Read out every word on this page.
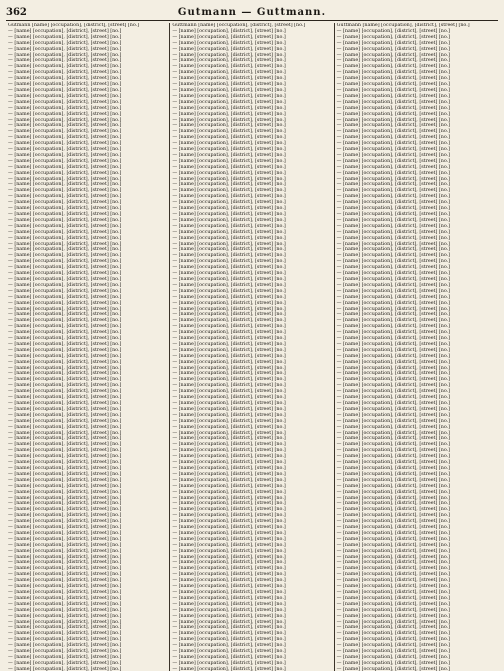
362	Gutmann — Guttmann.
Gutmann [name] [occupation], [district], [street] [no.]
— [name] [occupation], [district], [street] [no.]
— [name] [occupation], [district], [street] [no.]
— [name] [occupation], [district], [street] [no.]
— [name] [occupation], [district], [street] [no.]
— [name] [occupation], [district], [street] [no.]
— [name] [occupation], [district], [street] [no.]
— [name] [occupation], [district], [street] [no.]
— [name] [occupation], [district], [street] [no.]
— [name] [occupation], [district], [street] [no.]
— [name] [occupation], [district], [street] [no.]
— [name] [occupation], [district], [street] [no.]
— [name] [occupation], [district], [street] [no.]
— [name] [occupation], [district], [street] [no.]
— [name] [occupation], [district], [street] [no.]
— [name] [occupation], [district], [street] [no.]
— [name] [occupation], [district], [street] [no.]
— [name] [occupation], [district], [street] [no.]
— [name] [occupation], [district], [street] [no.]
— [name] [occupation], [district], [street] [no.]
— [name] [occupation], [district], [street] [no.]
— [name] [occupation], [district], [street] [no.]
— [name] [occupation], [district], [street] [no.]
— [name] [occupation], [district], [street] [no.]
— [name] [occupation], [district], [street] [no.]
— [name] [occupation], [district], [street] [no.]
— [name] [occupation], [district], [street] [no.]
— [name] [occupation], [district], [street] [no.]
— [name] [occupation], [district], [street] [no.]
— [name] [occupation], [district], [street] [no.]
— [name] [occupation], [district], [street] [no.]
— [name] [occupation], [district], [street] [no.]
— [name] [occupation], [district], [street] [no.]
— [name] [occupation], [district], [street] [no.]
— [name] [occupation], [district], [street] [no.]
— [name] [occupation], [district], [street] [no.]
— [name] [occupation], [district], [street] [no.]
— [name] [occupation], [district], [street] [no.]
— [name] [occupation], [district], [street] [no.]
— [name] [occupation], [district], [street] [no.]
— [name] [occupation], [district], [street] [no.]
— [name] [occupation], [district], [street] [no.]
— [name] [occupation], [district], [street] [no.]
— [name] [occupation], [district], [street] [no.]
— [name] [occupation], [district], [street] [no.]
— [name] [occupation], [district], [street] [no.]
— [name] [occupation], [district], [street] [no.]
— [name] [occupation], [district], [street] [no.]
— [name] [occupation], [district], [street] [no.]
— [name] [occupation], [district], [street] [no.]
— [name] [occupation], [district], [street] [no.]
— [name] [occupation], [district], [street] [no.]
— [name] [occupation], [district], [street] [no.]
— [name] [occupation], [district], [street] [no.]
— [name] [occupation], [district], [street] [no.]
— [name] [occupation], [district], [street] [no.]
— [name] [occupation], [district], [street] [no.]
— [name] [occupation], [district], [street] [no.]
— [name] [occupation], [district], [street] [no.]
— [name] [occupation], [district], [street] [no.]
— [name] [occupation], [district], [street] [no.]
— [name] [occupation], [district], [street] [no.]
— [name] [occupation], [district], [street] [no.]
— [name] [occupation], [district], [street] [no.]
— [name] [occupation], [district], [street] [no.]
— [name] [occupation], [district], [street] [no.]
— [name] [occupation], [district], [street] [no.]
— [name] [occupation], [district], [street] [no.]
— [name] [occupation], [district], [street] [no.]
— [name] [occupation], [district], [street] [no.]
— [name] [occupation], [district], [street] [no.]
— [name] [occupation], [district], [street] [no.]
— [name] [occupation], [district], [street] [no.]
— [name] [occupation], [district], [street] [no.]
— [name] [occupation], [district], [street] [no.]
— [name] [occupation], [district], [street] [no.]
— [name] [occupation], [district], [street] [no.]
— [name] [occupation], [district], [street] [no.]
— [name] [occupation], [district], [street] [no.]
— [name] [occupation], [district], [street] [no.]
— [name] [occupation], [district], [street] [no.]
— [name] [occupation], [district], [street] [no.]
— [name] [occupation], [district], [street] [no.]
— [name] [occupation], [district], [street] [no.]
— [name] [occupation], [district], [street] [no.]
— [name] [occupation], [district], [street] [no.]
— [name] [occupation], [district], [street] [no.]
— [name] [occupation], [district], [street] [no.]
— [name] [occupation], [district], [street] [no.]
— [name] [occupation], [district], [street] [no.]
— [name] [occupation], [district], [street] [no.]
— [name] [occupation], [district], [street] [no.]
— [name] [occupation], [district], [street] [no.]
— [name] [occupation], [district], [street] [no.]
— [name] [occupation], [district], [street] [no.]
— [name] [occupation], [district], [street] [no.]
— [name] [occupation], [district], [street] [no.]
— [name] [occupation], [district], [street] [no.]
— [name] [occupation], [district], [street] [no.]
— [name] [occupation], [district], [street] [no.]
— [name] [occupation], [district], [street] [no.]
— [name] [occupation], [district], [street] [no.]
— [name] [occupation], [district], [street] [no.]
— [name] [occupation], [district], [street] [no.]
— [name] [occupation], [district], [street] [no.]
— [name] [occupation], [district], [street] [no.]
— [name] [occupation], [district], [street] [no.]
— [name] [occupation], [district], [street] [no.]
— [name] [occupation], [district], [street] [no.]
— [name] [occupation], [district], [street] [no.]
Guttmann [name] [occupation], [district], [street] [no.]
— [name] [occupation], [district], [street] [no.]
— [name] [occupation], [district], [street] [no.]
— [name] [occupation], [district], [street] [no.]
— [name] [occupation], [district], [street] [no.]
— [name] [occupation], [district], [street] [no.]
— [name] [occupation], [district], [street] [no.]
— [name] [occupation], [district], [street] [no.]
— [name] [occupation], [district], [street] [no.]
— [name] [occupation], [district], [street] [no.]
— [name] [occupation], [district], [street] [no.]
— [name] [occupation], [district], [street] [no.]
— [name] [occupation], [district], [street] [no.]
— [name] [occupation], [district], [street] [no.]
— [name] [occupation], [district], [street] [no.]
— [name] [occupation], [district], [street] [no.]
— [name] [occupation], [district], [street] [no.]
— [name] [occupation], [district], [street] [no.]
— [name] [occupation], [district], [street] [no.]
— [name] [occupation], [district], [street] [no.]
— [name] [occupation], [district], [street] [no.]
— [name] [occupation], [district], [street] [no.]
— [name] [occupation], [district], [street] [no.]
— [name] [occupation], [district], [street] [no.]
— [name] [occupation], [district], [street] [no.]
— [name] [occupation], [district], [street] [no.]
— [name] [occupation], [district], [street] [no.]
— [name] [occupation], [district], [street] [no.]
— [name] [occupation], [district], [street] [no.]
— [name] [occupation], [district], [street] [no.]
— [name] [occupation], [district], [street] [no.]
— [name] [occupation], [district], [street] [no.]
— [name] [occupation], [district], [street] [no.]
— [name] [occupation], [district], [street] [no.]
— [name] [occupation], [district], [street] [no.]
— [name] [occupation], [district], [street] [no.]
— [name] [occupation], [district], [street] [no.]
— [name] [occupation], [district], [street] [no.]
— [name] [occupation], [district], [street] [no.]
— [name] [occupation], [district], [street] [no.]
— [name] [occupation], [district], [street] [no.]
— [name] [occupation], [district], [street] [no.]
— [name] [occupation], [district], [street] [no.]
— [name] [occupation], [district], [street] [no.]
— [name] [occupation], [district], [street] [no.]
— [name] [occupation], [district], [street] [no.]
— [name] [occupation], [district], [street] [no.]
— [name] [occupation], [district], [street] [no.]
— [name] [occupation], [district], [street] [no.]
— [name] [occupation], [district], [street] [no.]
— [name] [occupation], [district], [street] [no.]
— [name] [occupation], [district], [street] [no.]
— [name] [occupation], [district], [street] [no.]
— [name] [occupation], [district], [street] [no.]
— [name] [occupation], [district], [street] [no.]
— [name] [occupation], [district], [street] [no.]
— [name] [occupation], [district], [street] [no.]
— [name] [occupation], [district], [street] [no.]
— [name] [occupation], [district], [street] [no.]
— [name] [occupation], [district], [street] [no.]
— [name] [occupation], [district], [street] [no.]
— [name] [occupation], [district], [street] [no.]
— [name] [occupation], [district], [street] [no.]
— [name] [occupation], [district], [street] [no.]
— [name] [occupation], [district], [street] [no.]
— [name] [occupation], [district], [street] [no.]
— [name] [occupation], [district], [street] [no.]
— [name] [occupation], [district], [street] [no.]
— [name] [occupation], [district], [street] [no.]
— [name] [occupation], [district], [street] [no.]
— [name] [occupation], [district], [street] [no.]
— [name] [occupation], [district], [street] [no.]
— [name] [occupation], [district], [street] [no.]
— [name] [occupation], [district], [street] [no.]
— [name] [occupation], [district], [street] [no.]
— [name] [occupation], [district], [street] [no.]
— [name] [occupation], [district], [street] [no.]
— [name] [occupation], [district], [street] [no.]
— [name] [occupation], [district], [street] [no.]
— [name] [occupation], [district], [street] [no.]
— [name] [occupation], [district], [street] [no.]
— [name] [occupation], [district], [street] [no.]
— [name] [occupation], [district], [street] [no.]
— [name] [occupation], [district], [street] [no.]
— [name] [occupation], [district], [street] [no.]
— [name] [occupation], [district], [street] [no.]
— [name] [occupation], [district], [street] [no.]
— [name] [occupation], [district], [street] [no.]
— [name] [occupation], [district], [street] [no.]
— [name] [occupation], [district], [street] [no.]
— [name] [occupation], [district], [street] [no.]
— [name] [occupation], [district], [street] [no.]
— [name] [occupation], [district], [street] [no.]
— [name] [occupation], [district], [street] [no.]
— [name] [occupation], [district], [street] [no.]
— [name] [occupation], [district], [street] [no.]
— [name] [occupation], [district], [street] [no.]
— [name] [occupation], [district], [street] [no.]
— [name] [occupation], [district], [street] [no.]
— [name] [occupation], [district], [street] [no.]
— [name] [occupation], [district], [street] [no.]
— [name] [occupation], [district], [street] [no.]
— [name] [occupation], [district], [street] [no.]
— [name] [occupation], [district], [street] [no.]
— [name] [occupation], [district], [street] [no.]
— [name] [occupation], [district], [street] [no.]
— [name] [occupation], [district], [street] [no.]
— [name] [occupation], [district], [street] [no.]
— [name] [occupation], [district], [street] [no.]
— [name] [occupation], [district], [street] [no.]
Guttmann [name] [occupation], [district], [street] [no.]
— [name] [occupation], [district], [street] [no.]
— [name] [occupation], [district], [street] [no.]
— [name] [occupation], [district], [street] [no.]
— [name] [occupation], [district], [street] [no.]
— [name] [occupation], [district], [street] [no.]
— [name] [occupation], [district], [street] [no.]
— [name] [occupation], [district], [street] [no.]
— [name] [occupation], [district], [street] [no.]
— [name] [occupation], [district], [street] [no.]
— [name] [occupation], [district], [street] [no.]
— [name] [occupation], [district], [street] [no.]
— [name] [occupation], [district], [street] [no.]
— [name] [occupation], [district], [street] [no.]
— [name] [occupation], [district], [street] [no.]
— [name] [occupation], [district], [street] [no.]
— [name] [occupation], [district], [street] [no.]
— [name] [occupation], [district], [street] [no.]
— [name] [occupation], [district], [street] [no.]
— [name] [occupation], [district], [street] [no.]
— [name] [occupation], [district], [street] [no.]
— [name] [occupation], [district], [street] [no.]
— [name] [occupation], [district], [street] [no.]
— [name] [occupation], [district], [street] [no.]
— [name] [occupation], [district], [street] [no.]
— [name] [occupation], [district], [street] [no.]
— [name] [occupation], [district], [street] [no.]
— [name] [occupation], [district], [street] [no.]
— [name] [occupation], [district], [street] [no.]
— [name] [occupation], [district], [street] [no.]
— [name] [occupation], [district], [street] [no.]
— [name] [occupation], [district], [street] [no.]
— [name] [occupation], [district], [street] [no.]
— [name] [occupation], [district], [street] [no.]
— [name] [occupation], [district], [street] [no.]
— [name] [occupation], [district], [street] [no.]
— [name] [occupation], [district], [street] [no.]
— [name] [occupation], [district], [street] [no.]
— [name] [occupation], [district], [street] [no.]
— [name] [occupation], [district], [street] [no.]
— [name] [occupation], [district], [street] [no.]
— [name] [occupation], [district], [street] [no.]
— [name] [occupation], [district], [street] [no.]
— [name] [occupation], [district], [street] [no.]
— [name] [occupation], [district], [street] [no.]
— [name] [occupation], [district], [street] [no.]
— [name] [occupation], [district], [street] [no.]
— [name] [occupation], [district], [street] [no.]
— [name] [occupation], [district], [street] [no.]
— [name] [occupation], [district], [street] [no.]
— [name] [occupation], [district], [street] [no.]
— [name] [occupation], [district], [street] [no.]
— [name] [occupation], [district], [street] [no.]
— [name] [occupation], [district], [street] [no.]
— [name] [occupation], [district], [street] [no.]
— [name] [occupation], [district], [street] [no.]
— [name] [occupation], [district], [street] [no.]
— [name] [occupation], [district], [street] [no.]
— [name] [occupation], [district], [street] [no.]
— [name] [occupation], [district], [street] [no.]
— [name] [occupation], [district], [street] [no.]
— [name] [occupation], [district], [street] [no.]
— [name] [occupation], [district], [street] [no.]
— [name] [occupation], [district], [street] [no.]
— [name] [occupation], [district], [street] [no.]
— [name] [occupation], [district], [street] [no.]
— [name] [occupation], [district], [street] [no.]
— [name] [occupation], [district], [street] [no.]
— [name] [occupation], [district], [street] [no.]
— [name] [occupation], [district], [street] [no.]
— [name] [occupation], [district], [street] [no.]
— [name] [occupation], [district], [street] [no.]
— [name] [occupation], [district], [street] [no.]
— [name] [occupation], [district], [street] [no.]
— [name] [occupation], [district], [street] [no.]
— [name] [occupation], [district], [street] [no.]
— [name] [occupation], [district], [street] [no.]
— [name] [occupation], [district], [street] [no.]
— [name] [occupation], [district], [street] [no.]
— [name] [occupation], [district], [street] [no.]
— [name] [occupation], [district], [street] [no.]
— [name] [occupation], [district], [street] [no.]
— [name] [occupation], [district], [street] [no.]
— [name] [occupation], [district], [street] [no.]
— [name] [occupation], [district], [street] [no.]
— [name] [occupation], [district], [street] [no.]
— [name] [occupation], [district], [street] [no.]
— [name] [occupation], [district], [street] [no.]
— [name] [occupation], [district], [street] [no.]
— [name] [occupation], [district], [street] [no.]
— [name] [occupation], [district], [street] [no.]
— [name] [occupation], [district], [street] [no.]
— [name] [occupation], [district], [street] [no.]
— [name] [occupation], [district], [street] [no.]
— [name] [occupation], [district], [street] [no.]
— [name] [occupation], [district], [street] [no.]
— [name] [occupation], [district], [street] [no.]
— [name] [occupation], [district], [street] [no.]
— [name] [occupation], [district], [street] [no.]
— [name] [occupation], [district], [street] [no.]
— [name] [occupation], [district], [street] [no.]
— [name] [occupation], [district], [street] [no.]
— [name] [occupation], [district], [street] [no.]
— [name] [occupation], [district], [street] [no.]
— [name] [occupation], [district], [street] [no.]
— [name] [occupation], [district], [street] [no.]
— [name] [occupation], [district], [street] [no.]
— [name] [occupation], [district], [street] [no.]
— [name] [occupation], [district], [street] [no.]
— [name] [occupation], [district], [street] [no.]
